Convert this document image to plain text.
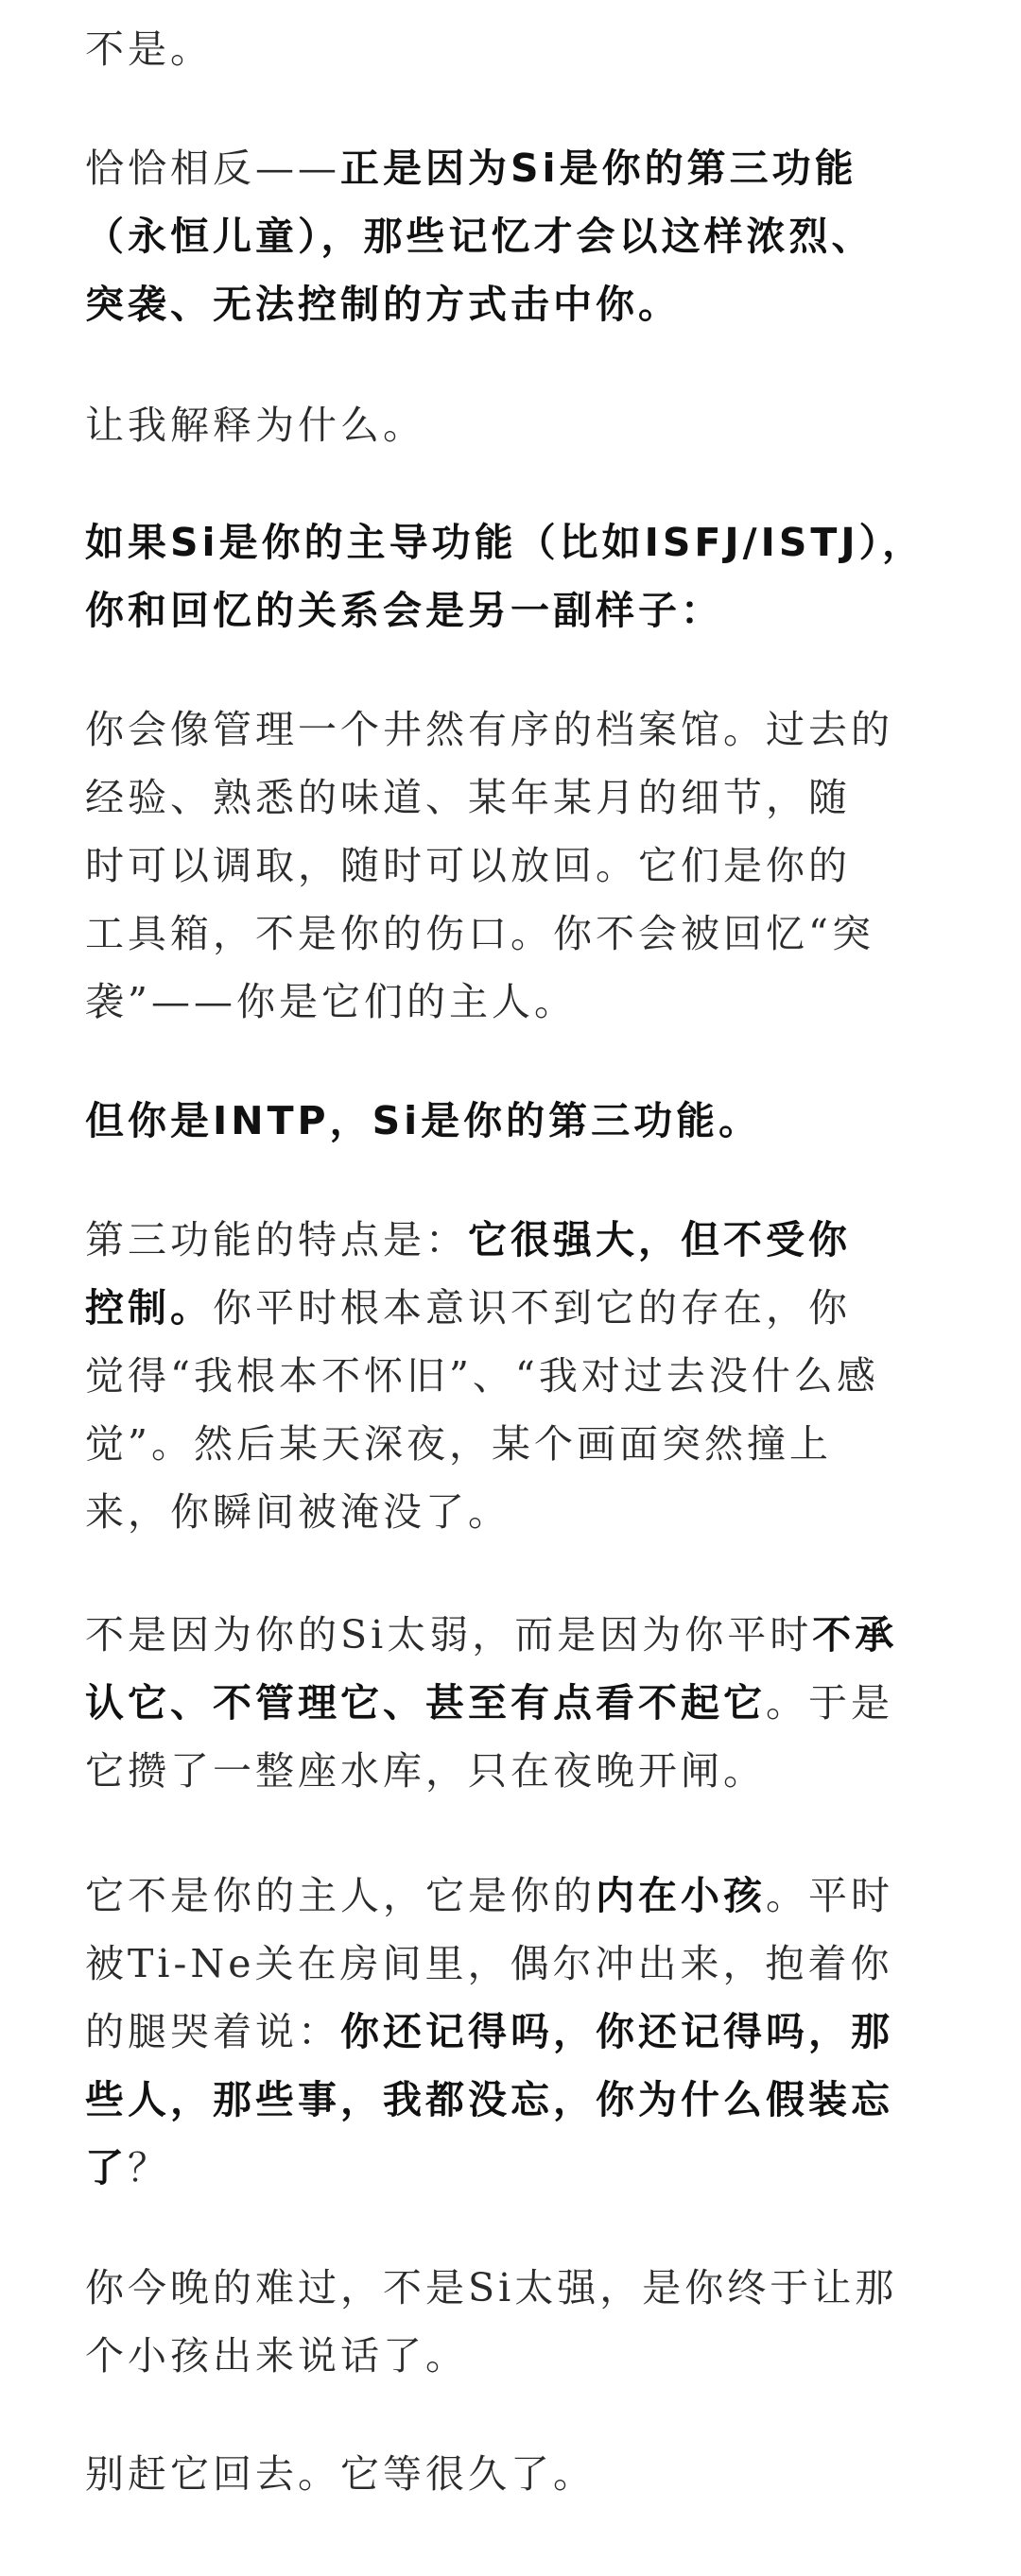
不是。

恰恰相反——正是因为Si是你的第三功能
（永恒儿童），那些记忆才会以这样浓烈、
突袭、无法控制的方式击中你。

让我解释为什么。

如果Si是你的主导功能（比如ISFJ/ISTJ），
你和回忆的关系会是另一副样子：

你会像管理一个井然有序的档案馆。过去的
经验、熟悉的味道、某年某月的细节，随
时可以调取，随时可以放回。它们是你的
工具箱，不是你的伤口。你不会被回忆“突
袭”——你是它们的主人。

但你是INTP，Si是你的第三功能。

第三功能的特点是：它很强大，但不受你
控制。你平时根本意识不到它的存在，你
觉得“我根本不怀旧”、“我对过去没什么感
觉”。然后某天深夜，某个画面突然撞上
来，你瞬间被淹没了。

不是因为你的Si太弱，而是因为你平时不承
认它、不管理它、甚至有点看不起它。于是
它攒了一整座水库，只在夜晚开闸。

它不是你的主人，它是你的内在小孩。平时
被Ti-Ne关在房间里，偶尔冲出来，抱着你
的腿哭着说：你还记得吗，你还记得吗，那
些人，那些事，我都没忘，你为什么假装忘
了？

你今晚的难过，不是Si太强，是你终于让那
个小孩出来说话了。

别赶它回去。它等很久了。
